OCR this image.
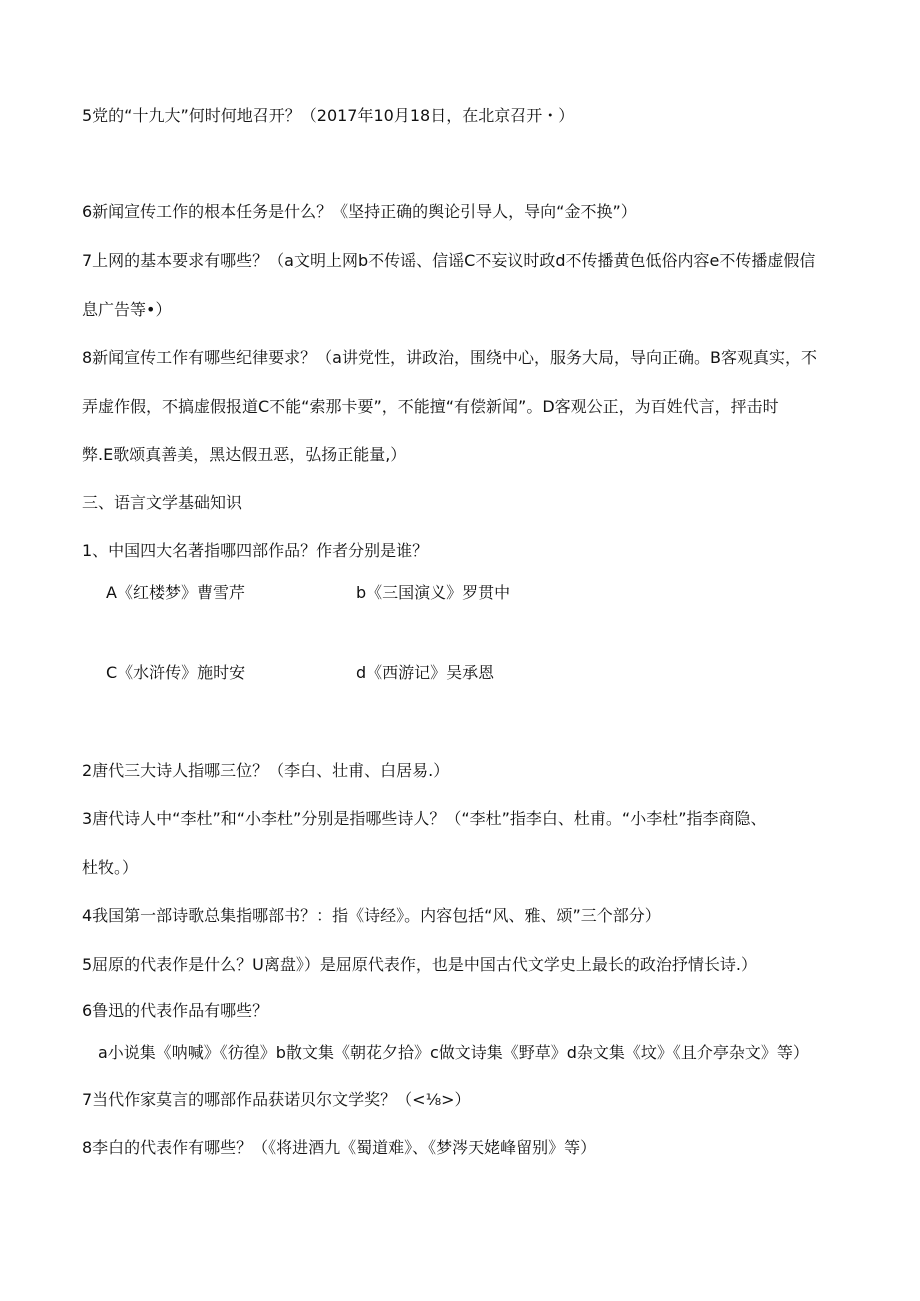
5党的“十九大”何时何地召开？（2017年10月18日，在北京召开・）
6新闻宣传工作的根本任务是什么？《坚持正确的舆论引导人，导向“金不换”）
7上网的基本要求有哪些？（a文明上网b不传谣、信谣C不妄议时政d不传播黄色低俗内容e不传播虚假信
息广告等•）
8新闻宣传工作有哪些纪律要求？（a讲党性，讲政治，围绕中心，服务大局，导向正确。B客观真实，不
弄虚作假，不搞虚假报道C不能“索那卡要”，不能擅“有偿新闻”。D客观公正，为百姓代言，抨击时
弊.E歌颂真善美，黑达假丑恶，弘扬正能量,）
三、语言文学基础知识
1、中国四大名著指哪四部作品？作者分别是谁？
A《红楼梦》曹雪芹	b《三国演义》罗贯中
C《水浒传》施时安	d《西游记》吴承恩
2唐代三大诗人指哪三位？（李白、壮甫、白居易.）
3唐代诗人中“李杜”和“小李杜”分别是指哪些诗人？（“李杜”指李白、杜甫。“小李杜”指李商隐、
杜牧。）
4我国第一部诗歌总集指哪部书？：指《诗经》。内容包括“风、雅、颂”三个部分）
5屈原的代表作是什么？U离盘》）是屈原代表作，也是中国古代文学史上最长的政治抒情长诗.）
6鲁迅的代表作品有哪些？
a小说集《呐喊》《彷徨》b散文集《朝花夕拾》c做文诗集《野草》d杂文集《坟》《且介亭杂文》等）
7当代作家莫言的哪部作品获诺贝尔文学奖？（<⅛>）
8李白的代表作有哪些？（《将进酒九《蜀道难》、《梦涔天姥峰留别》等）
